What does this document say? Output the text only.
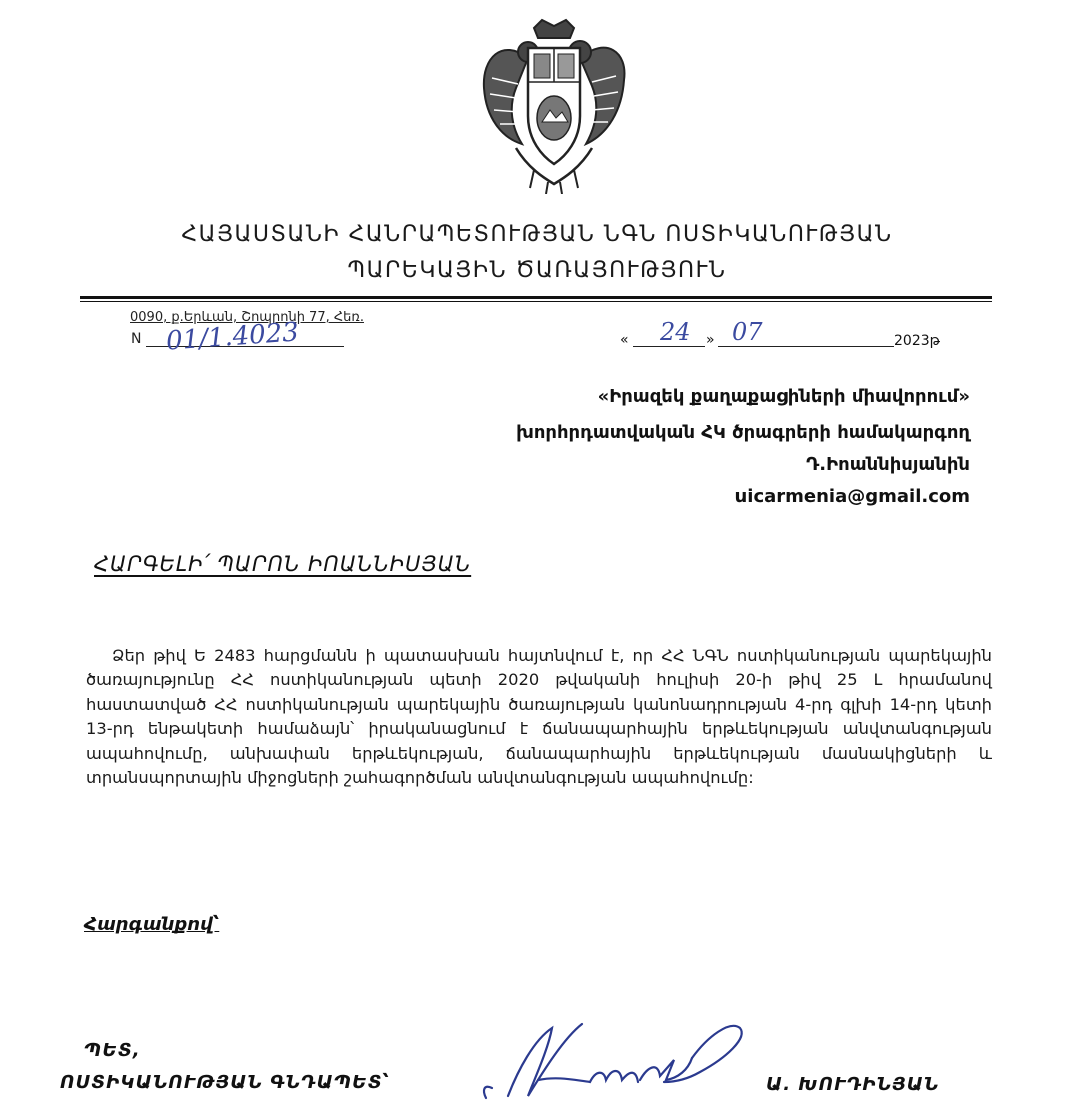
ՀԱՅԱՍՏԱՆԻ ՀԱՆՐԱՊԵՏՈՒԹՅԱՆ ՆԳՆ ՈՍՏԻԿԱՆՈՒԹՅԱՆ
ՊԱՐԵԿԱՅԻՆ ԾԱՌԱՅՈՒԹՅՈՒՆ
0090, ք.Երևան, Շոպրոնի 77, Հեռ.
N 01/1.4023	« 24 » 07	2023թ
«Իրազեկ քաղաքացիների միավորում»
խորհրդատվական ՀԿ ծրագրերի համակարգող
Դ.Իոաննիսյանին
uicarmenia@gmail.com
ՀԱՐԳԵԼԻ՛ ՊԱՐՈՆ ԻՈԱՆՆԻՍՅԱՆ

Ձեր թիվ Ե 2483 հարցմանն ի պատասխան հայտնվում է, որ ՀՀ ՆԳՆ ոստիկանության պարեկային ծառայությունը ՀՀ ոստիկանության պետի 2020 թվականի հուլիսի 20-ի թիվ 25 Լ հրամանով հաստատված ՀՀ ոստիկանության պարեկային ծառայության կանոնադրության 4-րդ գլխի 14-րդ կետի 13-րդ ենթակետի համաձայն՝ իրականացնում է ճանապարհային երթևեկության անվտանգության ապահովումը, անխափան երթևեկության, ճանապարհային երթևեկության մասնակիցների և տրանսպորտային միջոցների շահագործման անվտանգության ապահովումը:

Հարգանքով՝
ՊԵՏ,
ՈՍՏԻԿԱՆՈՒԹՅԱՆ ԳՆԴԱՊԵՏ՝	Ա. ԽՈՒԴԻՆՅԱՆ
